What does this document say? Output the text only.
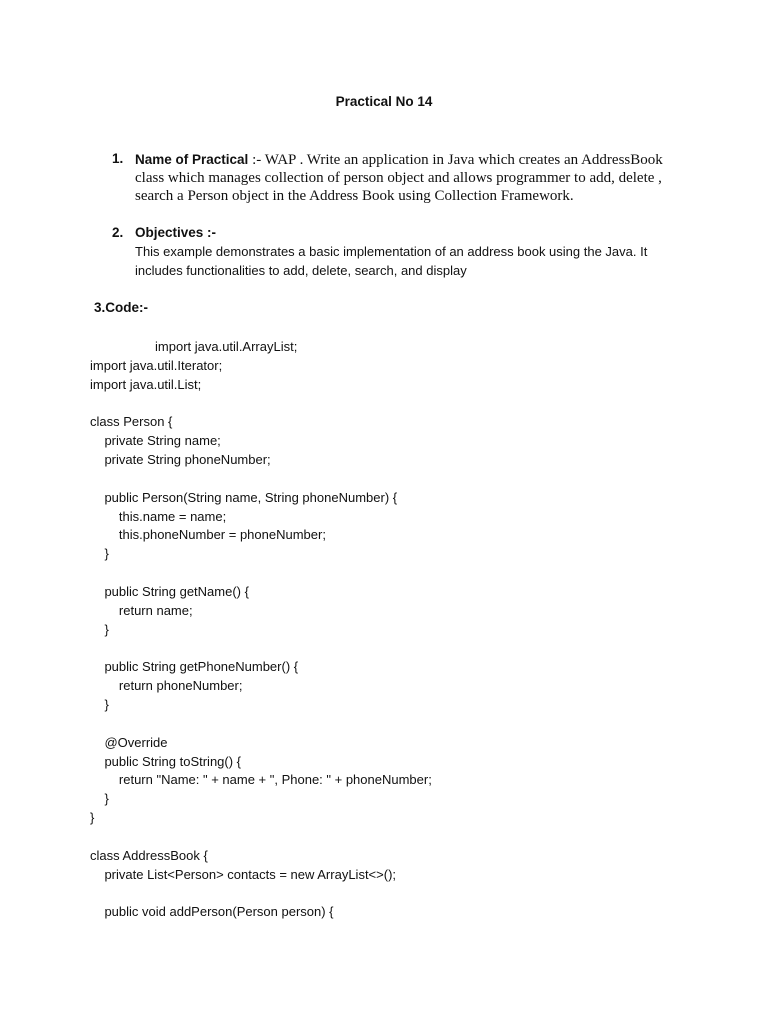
Practical No 14
1. Name of Practical :- WAP . Write an application in Java which creates an AddressBook class which manages collection of person object and allows programmer to add, delete , search a Person object in the Address Book using Collection Framework.
2. Objectives :-
This example demonstrates a basic implementation of an address book using the Java. It includes functionalities to add, delete, search, and display
3.Code:-
import java.util.ArrayList;
import java.util.Iterator;
import java.util.List;
class Person {
private String name;
private String phoneNumber;
public Person(String name, String phoneNumber) {
this.name = name;
this.phoneNumber = phoneNumber;
}
public String getName() {
return name;
}
public String getPhoneNumber() {
return phoneNumber;
}
@Override
public String toString() {
return "Name: " + name + ", Phone: " + phoneNumber;
}
}
class AddressBook {
private List<Person> contacts = new ArrayList<>();
public void addPerson(Person person) {
